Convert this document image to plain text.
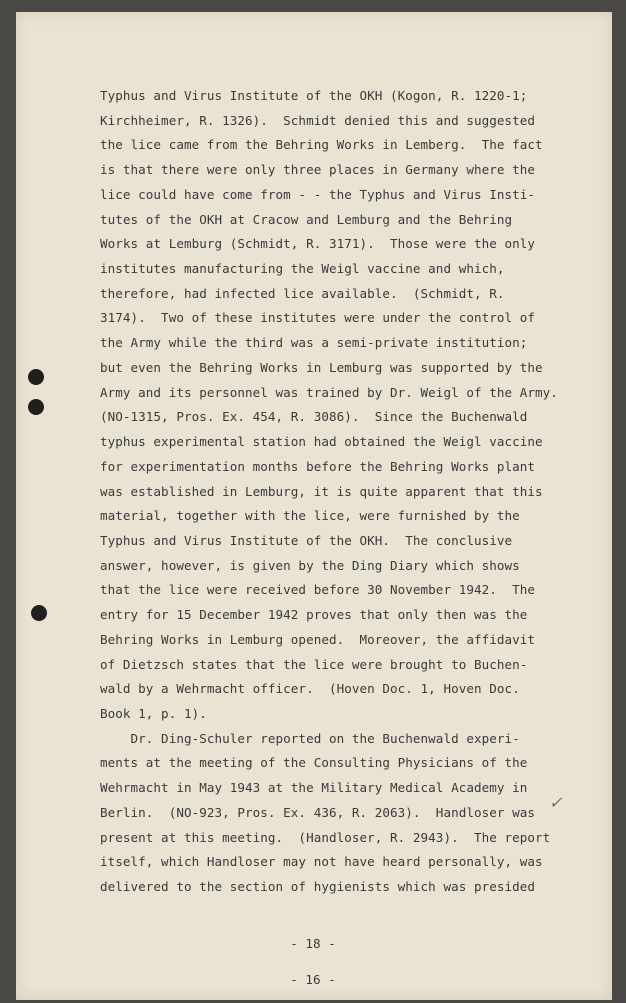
Typhus and Virus Institute of the OKH (Kogon, R. 1220-1;
Kirchheimer, R. 1326).  Schmidt denied this and suggested
the lice came from the Behring Works in Lemberg.  The fact
is that there were only three places in Germany where the
lice could have come from - - the Typhus and Virus Insti-
tutes of the OKH at Cracow and Lemburg and the Behring
Works at Lemburg (Schmidt, R. 3171).  Those were the only
institutes manufacturing the Weigl vaccine and which,
therefore, had infected lice available.  (Schmidt, R.
3174).  Two of these institutes were under the control of
the Army while the third was a semi-private institution;
but even the Behring Works in Lemburg was supported by the
Army and its personnel was trained by Dr. Weigl of the Army.
(NO-1315, Pros. Ex. 454, R. 3086).  Since the Buchenwald
typhus experimental station had obtained the Weigl vaccine
for experimentation months before the Behring Works plant
was established in Lemburg, it is quite apparent that this
material, together with the lice, were furnished by the
Typhus and Virus Institute of the OKH.  The conclusive
answer, however, is given by the Ding Diary which shows
that the lice were received before 30 November 1942.  The
entry for 15 December 1942 proves that only then was the
Behring Works in Lemburg opened.  Moreover, the affidavit
of Dietzsch states that the lice were brought to Buchen-
wald by a Wehrmacht officer.  (Hoven Doc. 1, Hoven Doc.
Book 1, p. 1).
Dr. Ding-Schuler reported on the Buchenwald experi-
ments at the meeting of the Consulting Physicians of the
Wehrmacht in May 1943 at the Military Medical Academy in
Berlin.  (NO-923, Pros. Ex. 436, R. 2063).  Handloser was
present at this meeting.  (Handloser, R. 2943).  The report
itself, which Handloser may not have heard personally, was
delivered to the section of hygienists which was presided
✓
- 18 -
- 16 -
